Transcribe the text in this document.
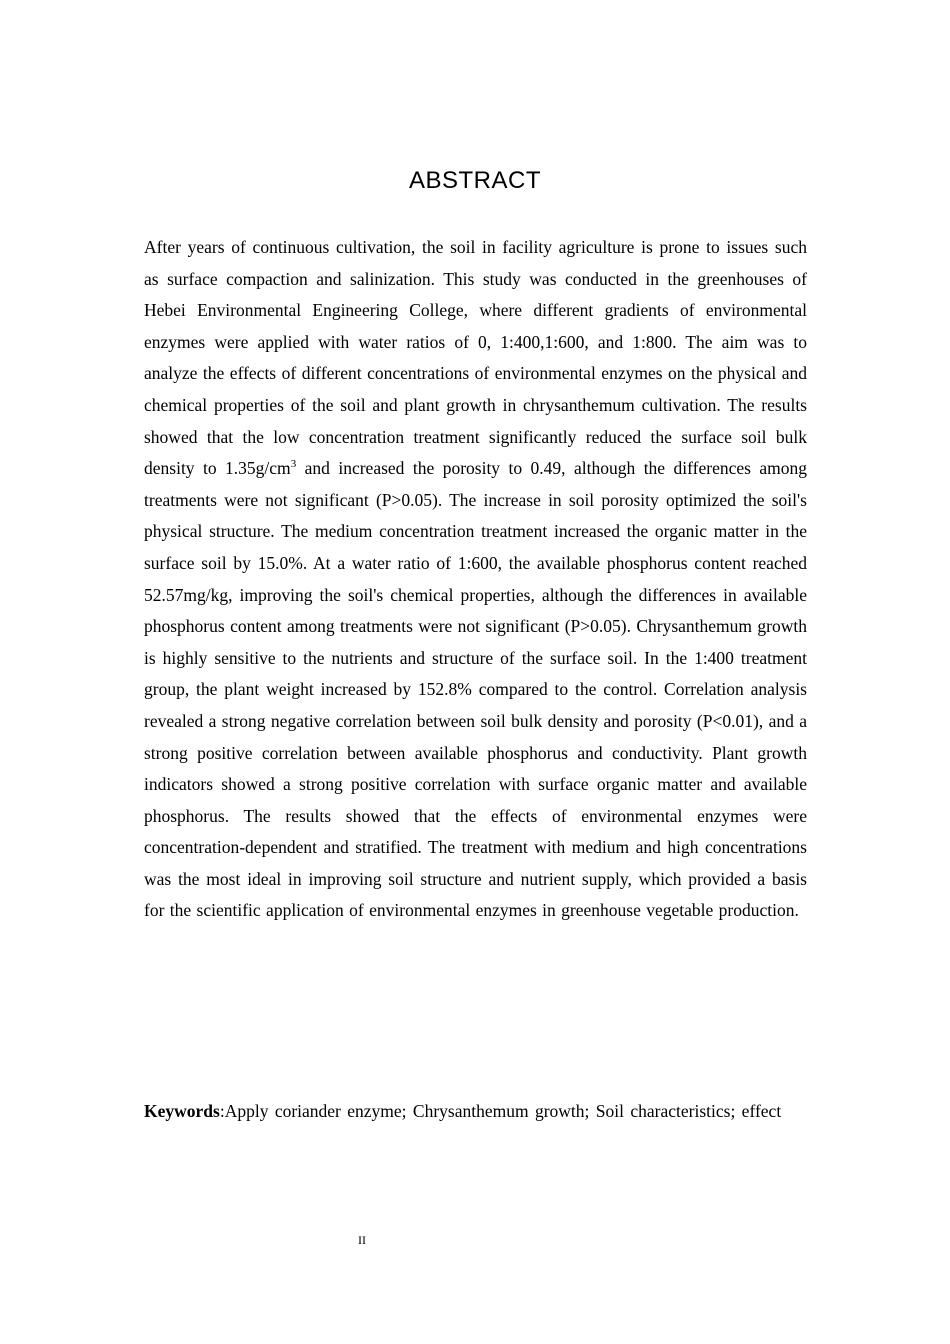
ABSTRACT

After years of continuous cultivation, the soil in facility agriculture is prone to issues such as surface compaction and salinization. This study was conducted in the greenhouses of Hebei Environmental Engineering College, where different gradients of environmental enzymes were applied with water ratios of 0, 1:400,1:600, and 1:800. The aim was to analyze the effects of different concentrations of environmental enzymes on the physical and chemical properties of the soil and plant growth in chrysanthemum cultivation. The results showed that the low concentration treatment significantly reduced the surface soil bulk density to $1.35g/cm^3$ and increased the porosity to 0.49, although the differences among treatments were not significant (P>0.05). The increase in soil porosity optimized the soil's physical structure. The medium concentration treatment increased the organic matter in the surface soil by 15.0%. At a water ratio of 1:600, the available phosphorus content reached 52.57mg/kg, improving the soil's chemical properties, although the differences in available phosphorus content among treatments were not significant (P>0.05). Chrysanthemum growth is highly sensitive to the nutrients and structure of the surface soil. In the 1:400 treatment group, the plant weight increased by 152.8% compared to the control. Correlation analysis revealed a strong negative correlation between soil bulk density and porosity (P<0.01), and a strong positive correlation between available phosphorus and conductivity. Plant growth indicators showed a strong positive correlation with surface organic matter and available phosphorus. The results showed that the effects of environmental enzymes were concentration-dependent and stratified. The treatment with medium and high concentrations was the most ideal in improving soil structure and nutrient supply, which provided a basis for the scientific application of environmental enzymes in greenhouse vegetable production.

Keywords:Apply coriander enzyme; Chrysanthemum growth; Soil characteristics; effect

II
